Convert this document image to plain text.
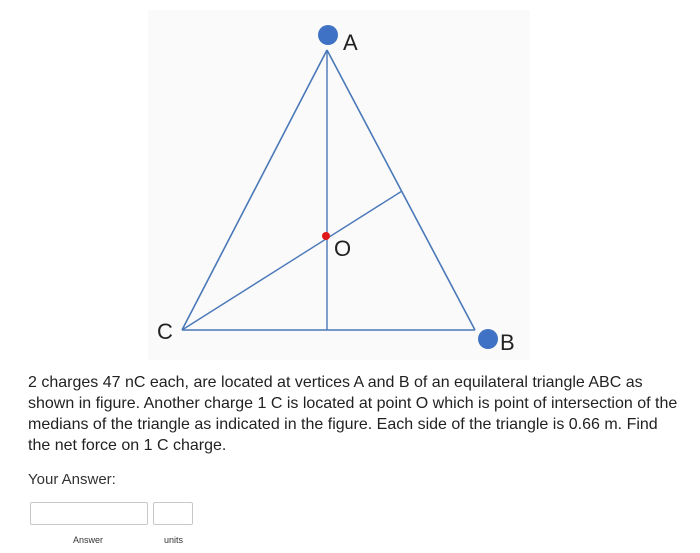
A
B
C
O

2 charges 47 nC each, are located at vertices A and B of an equilateral triangle ABC as shown in figure. Another charge 1 C is located at point O which is point of intersection of the medians of the triangle as indicated in the figure. Each side of the triangle is 0.66 m. Find the net force on 1 C charge.

Your Answer:

Answer	units
